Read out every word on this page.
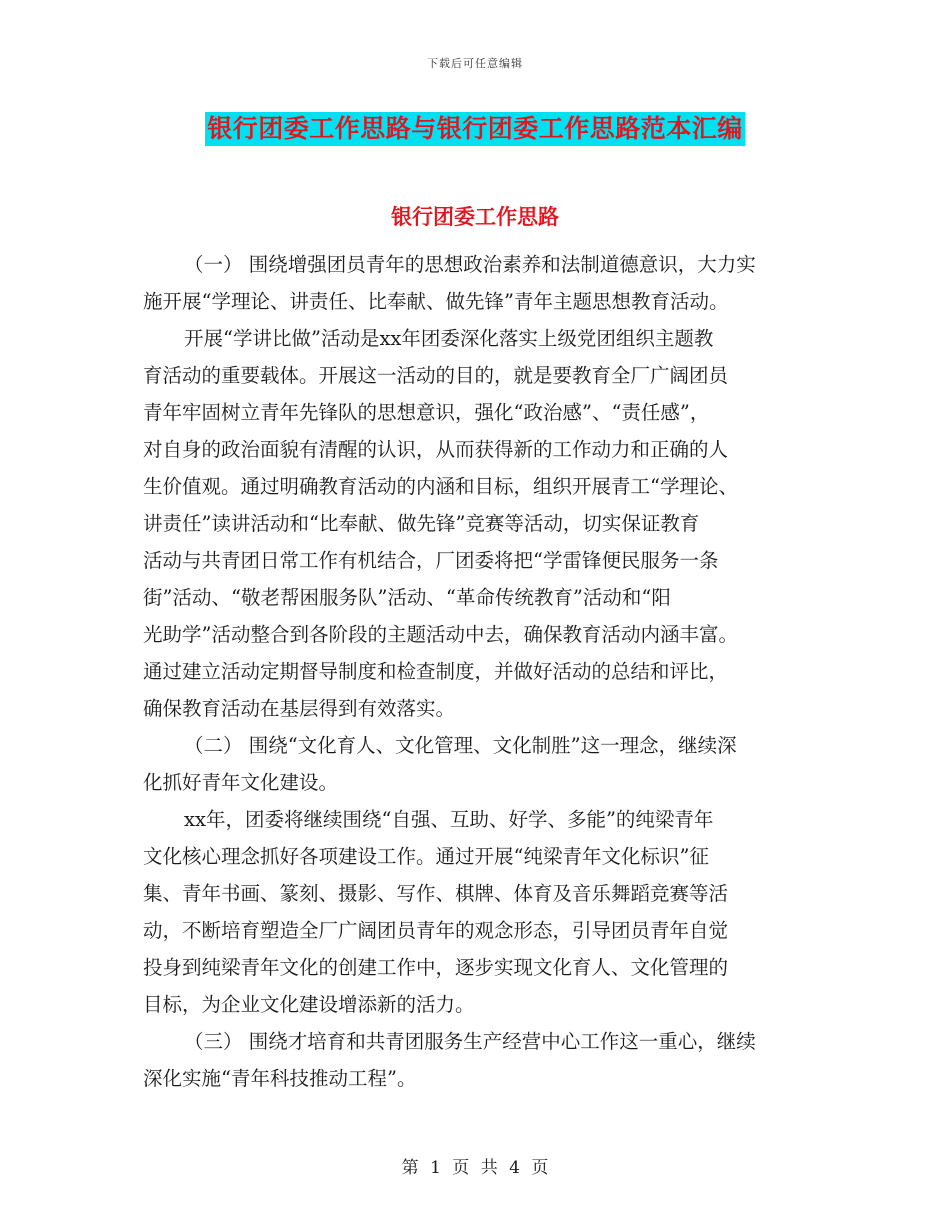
下载后可任意编辑
银行团委工作思路与银行团委工作思路范本汇编
银行团委工作思路

（一） 围绕增强团员青年的思想政治素养和法制道德意识，大力实
施开展“学理论、讲责任、比奉献、做先锋”青年主题思想教育活动。

开展“学讲比做”活动是xx年团委深化落实上级党团组织主题教
育活动的重要载体。开展这一活动的目的，就是要教育全厂广阔团员
青年牢固树立青年先锋队的思想意识，强化“政治感”、“责任感”，
对自身的政治面貌有清醒的认识，从而获得新的工作动力和正确的人
生价值观。通过明确教育活动的内涵和目标，组织开展青工“学理论、
讲责任”读讲活动和“比奉献、做先锋”竞赛等活动，切实保证教育
活动与共青团日常工作有机结合，厂团委将把“学雷锋便民服务一条
街”活动、“敬老帮困服务队”活动、“革命传统教育”活动和“阳
光助学”活动整合到各阶段的主题活动中去，确保教育活动内涵丰富。
通过建立活动定期督导制度和检查制度，并做好活动的总结和评比，
确保教育活动在基层得到有效落实。

（二） 围绕“文化育人、文化管理、文化制胜”这一理念，继续深
化抓好青年文化建设。

xx年，团委将继续围绕“自强、互助、好学、多能”的纯梁青年
文化核心理念抓好各项建设工作。通过开展“纯梁青年文化标识”征
集、青年书画、篆刻、摄影、写作、棋牌、体育及音乐舞蹈竞赛等活
动，不断培育塑造全厂广阔团员青年的观念形态，引导团员青年自觉
投身到纯梁青年文化的创建工作中，逐步实现文化育人、文化管理的
目标，为企业文化建设增添新的活力。

（三） 围绕才培育和共青团服务生产经营中心工作这一重心，继续
深化实施“青年科技推动工程”。

第 1 页 共 4 页
